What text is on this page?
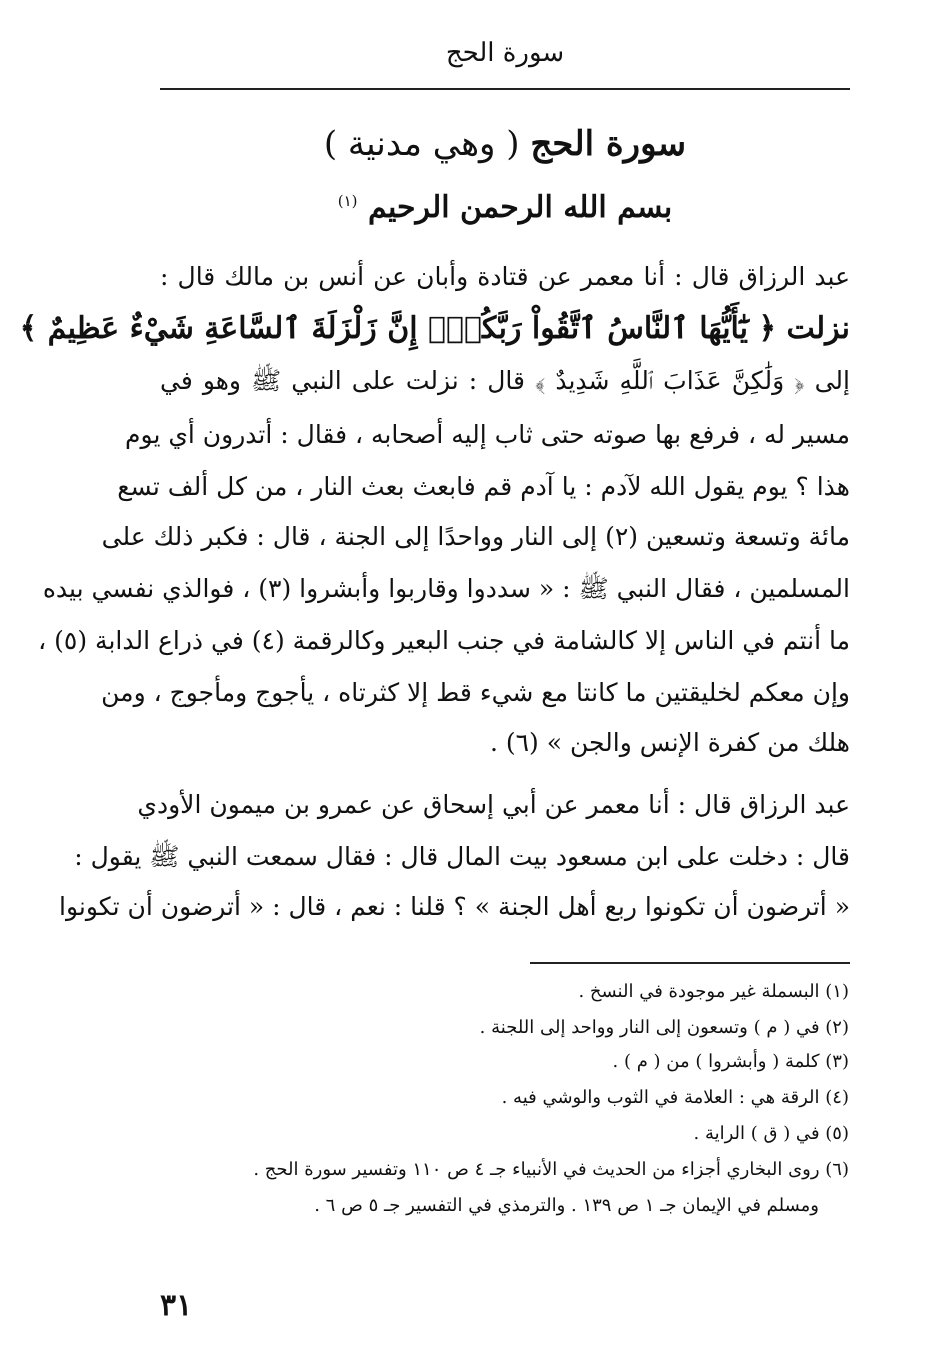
سورة الحج
سورة الحج ( وهي مدنية )
بسم الله الرحمن الرحيم $^{(١)}$
عبد الرزاق قال : أنا معمر عن قتادة وأبان عن أنس بن مالك قال :
نزلت ﴿ يَٰٓأَيُّهَا ٱلنَّاسُ ٱتَّقُواْ رَبَّكُمْۚ إِنَّ زَلْزَلَةَ ٱلسَّاعَةِ شَيْءٌ عَظِيمٌ ﴾
إلى ﴿ وَلَٰكِنَّ عَذَابَ ٱللَّهِ شَدِيدٌ ﴾ قال : نزلت على النبي ﷺ وهو في
مسير له ، فرفع بها صوته حتى ثاب إليه أصحابه ، فقال : أتدرون أي يوم
هذا ؟ يوم يقول الله لآدم : يا آدم قم فابعث بعث النار ، من كل ألف تسع
مائة وتسعة وتسعين (٢) إلى النار وواحدًا إلى الجنة ، قال : فكبر ذلك على
المسلمين ، فقال النبي ﷺ : « سددوا وقاربوا وأبشروا (٣) ، فوالذي نفسي بيده
ما أنتم في الناس إلا كالشامة في جنب البعير وكالرقمة (٤) في ذراع الدابة (٥) ،
وإن معكم لخليقتين ما كانتا مع شيء قط إلا كثرتاه ، يأجوج ومأجوج ، ومن
هلك من كفرة الإنس والجن » (٦) .
عبد الرزاق قال : أنا معمر عن أبي إسحاق عن عمرو بن ميمون الأودي
قال : دخلت على ابن مسعود بيت المال قال : فقال سمعت النبي ﷺ يقول :
« أترضون أن تكونوا ربع أهل الجنة » ؟ قلنا : نعم ، قال : « أترضون أن تكونوا
(١) البسملة غير موجودة في النسخ .
(٢) في ( م ) وتسعون إلى النار وواحد إلى اللجنة .
(٣) كلمة ( وأبشروا ) من ( م ) .
(٤) الرقة هي : العلامة في الثوب والوشي فيه .
(٥) في ( ق ) الراية .
(٦) روى البخاري أجزاء من الحديث في الأنبياء جـ ٤ ص ١١٠ وتفسير سورة الحج .
ومسلم في الإيمان جـ ١ ص ١٣٩ . والترمذي في التفسير جـ ٥ ص ٦ .
٣١
